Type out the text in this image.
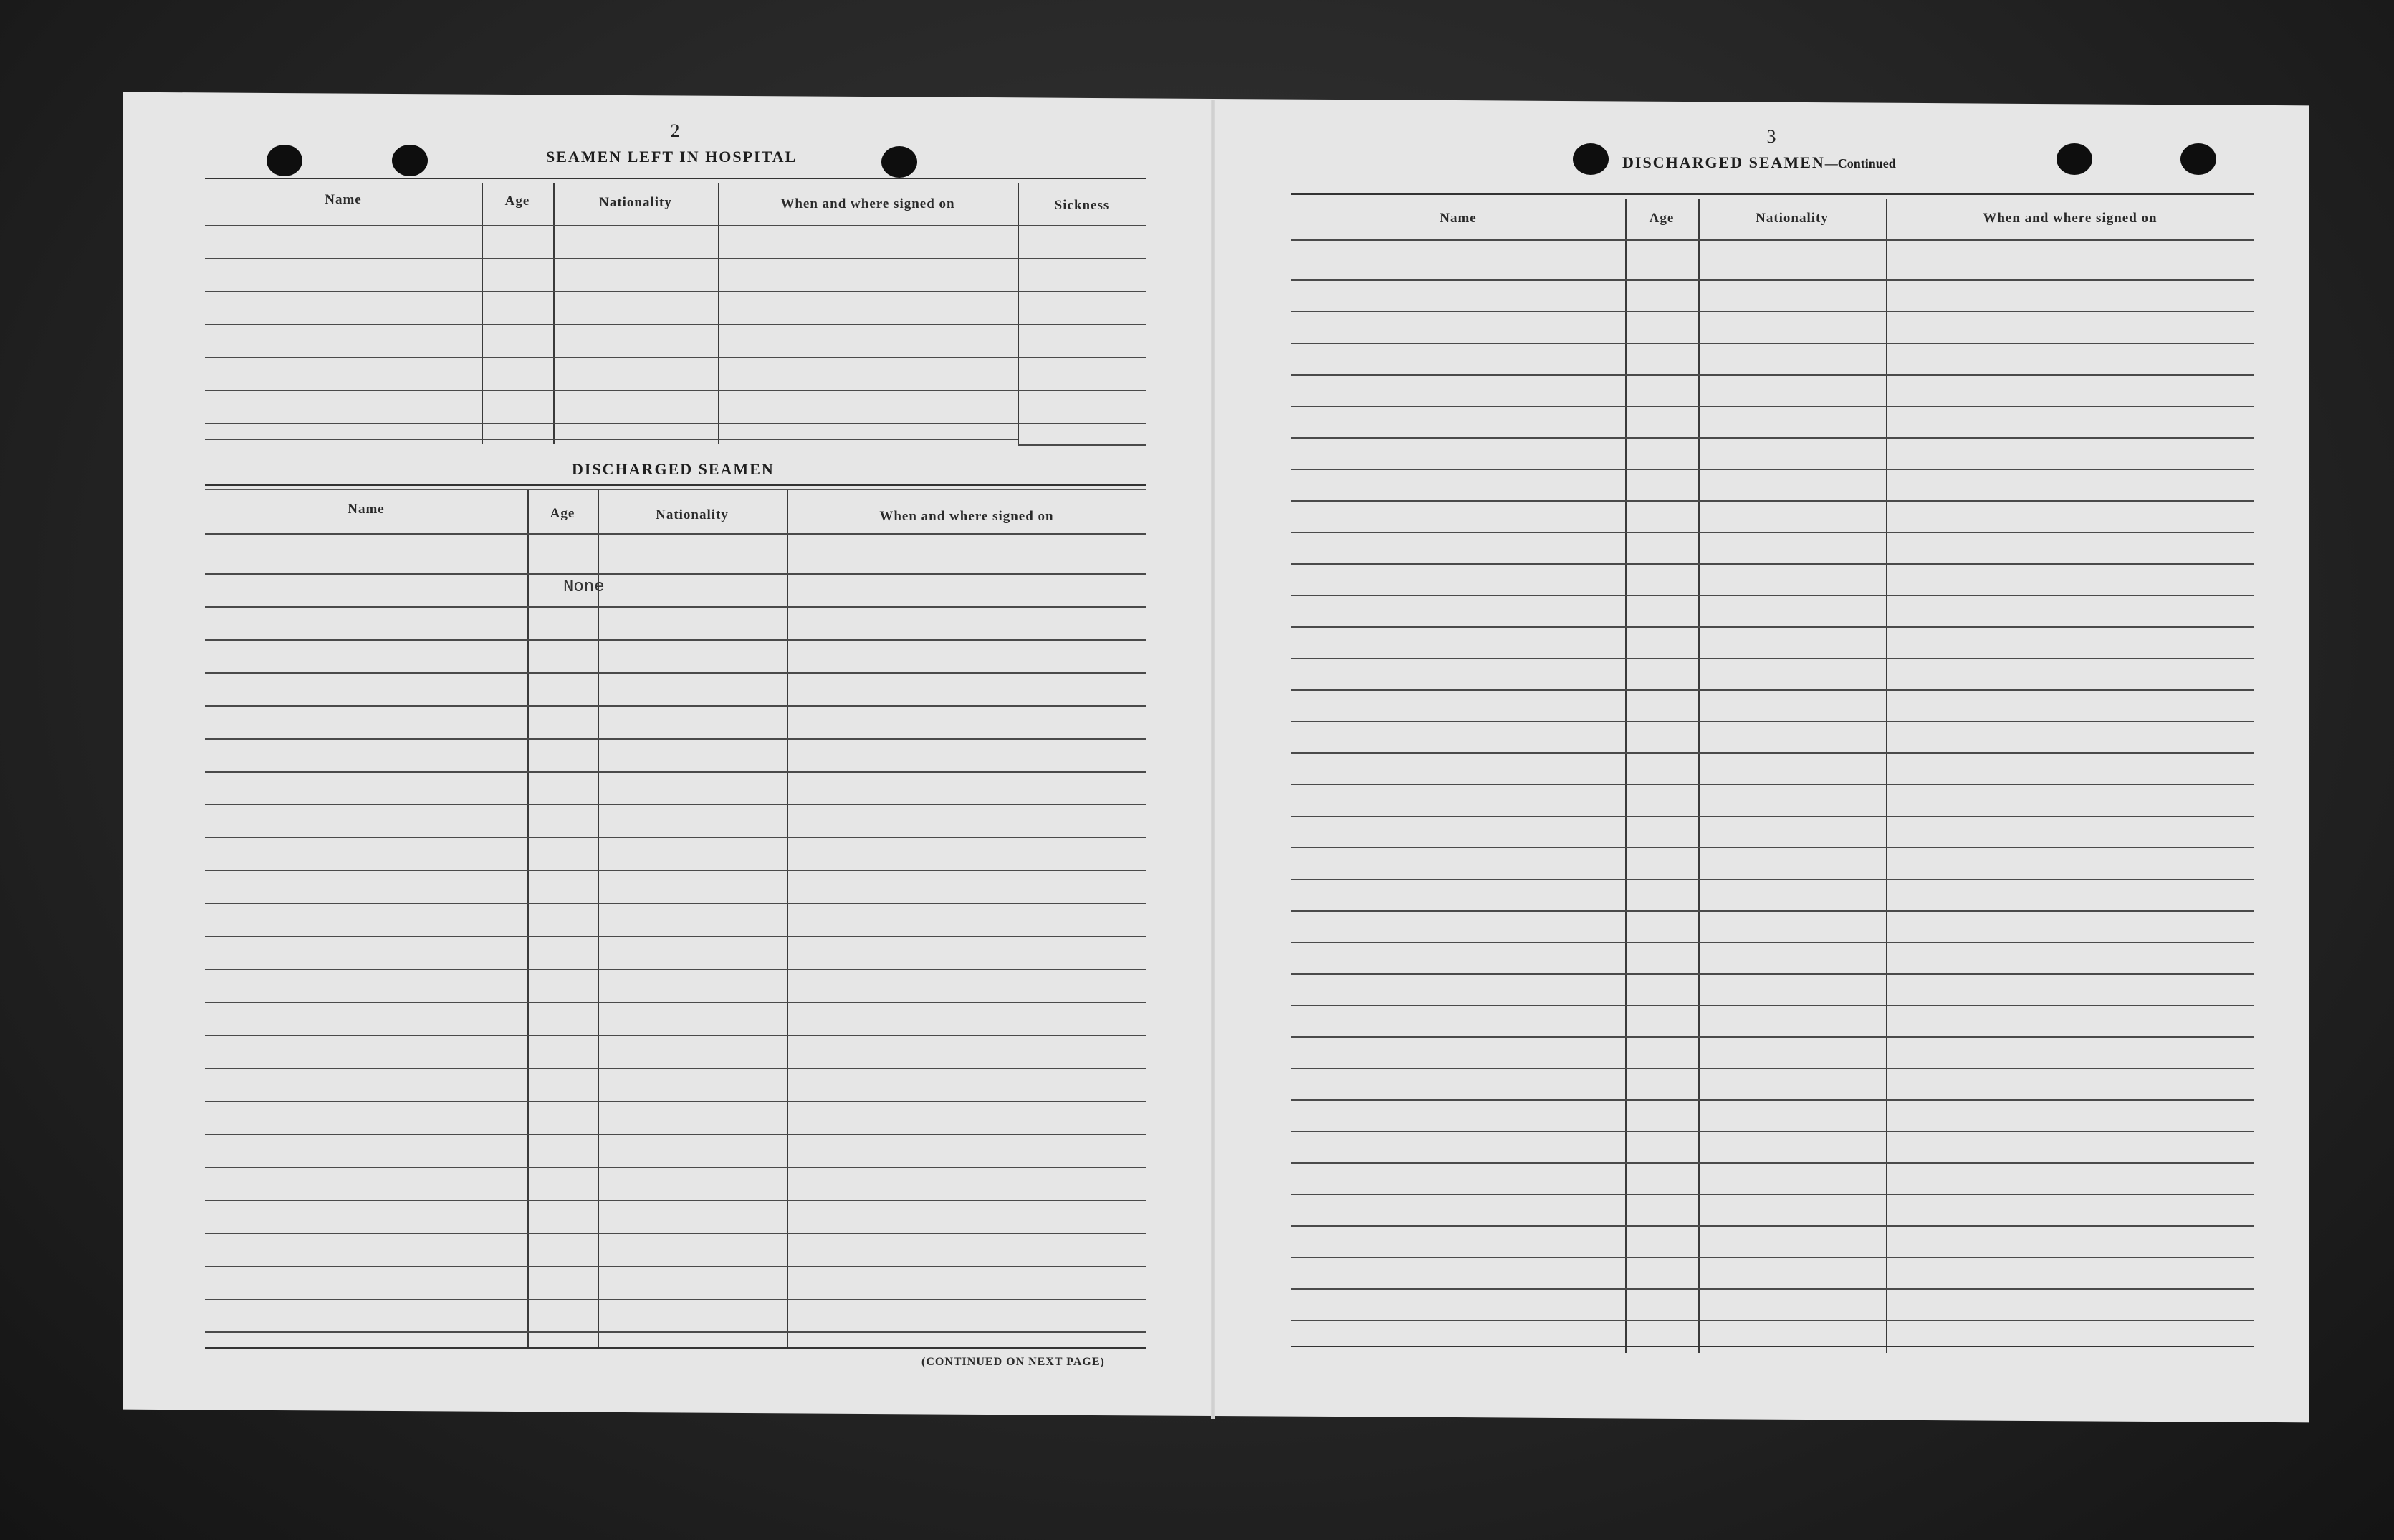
2
SEAMEN LEFT IN HOSPITAL
Name	Age	Nationality	When and where signed on	Sickness
DISCHARGED SEAMEN
Name	Age	Nationality	When and where signed on
None
(CONTINUED ON NEXT PAGE)
3
DISCHARGED SEAMEN—Continued
Name	Age	Nationality	When and where signed on
